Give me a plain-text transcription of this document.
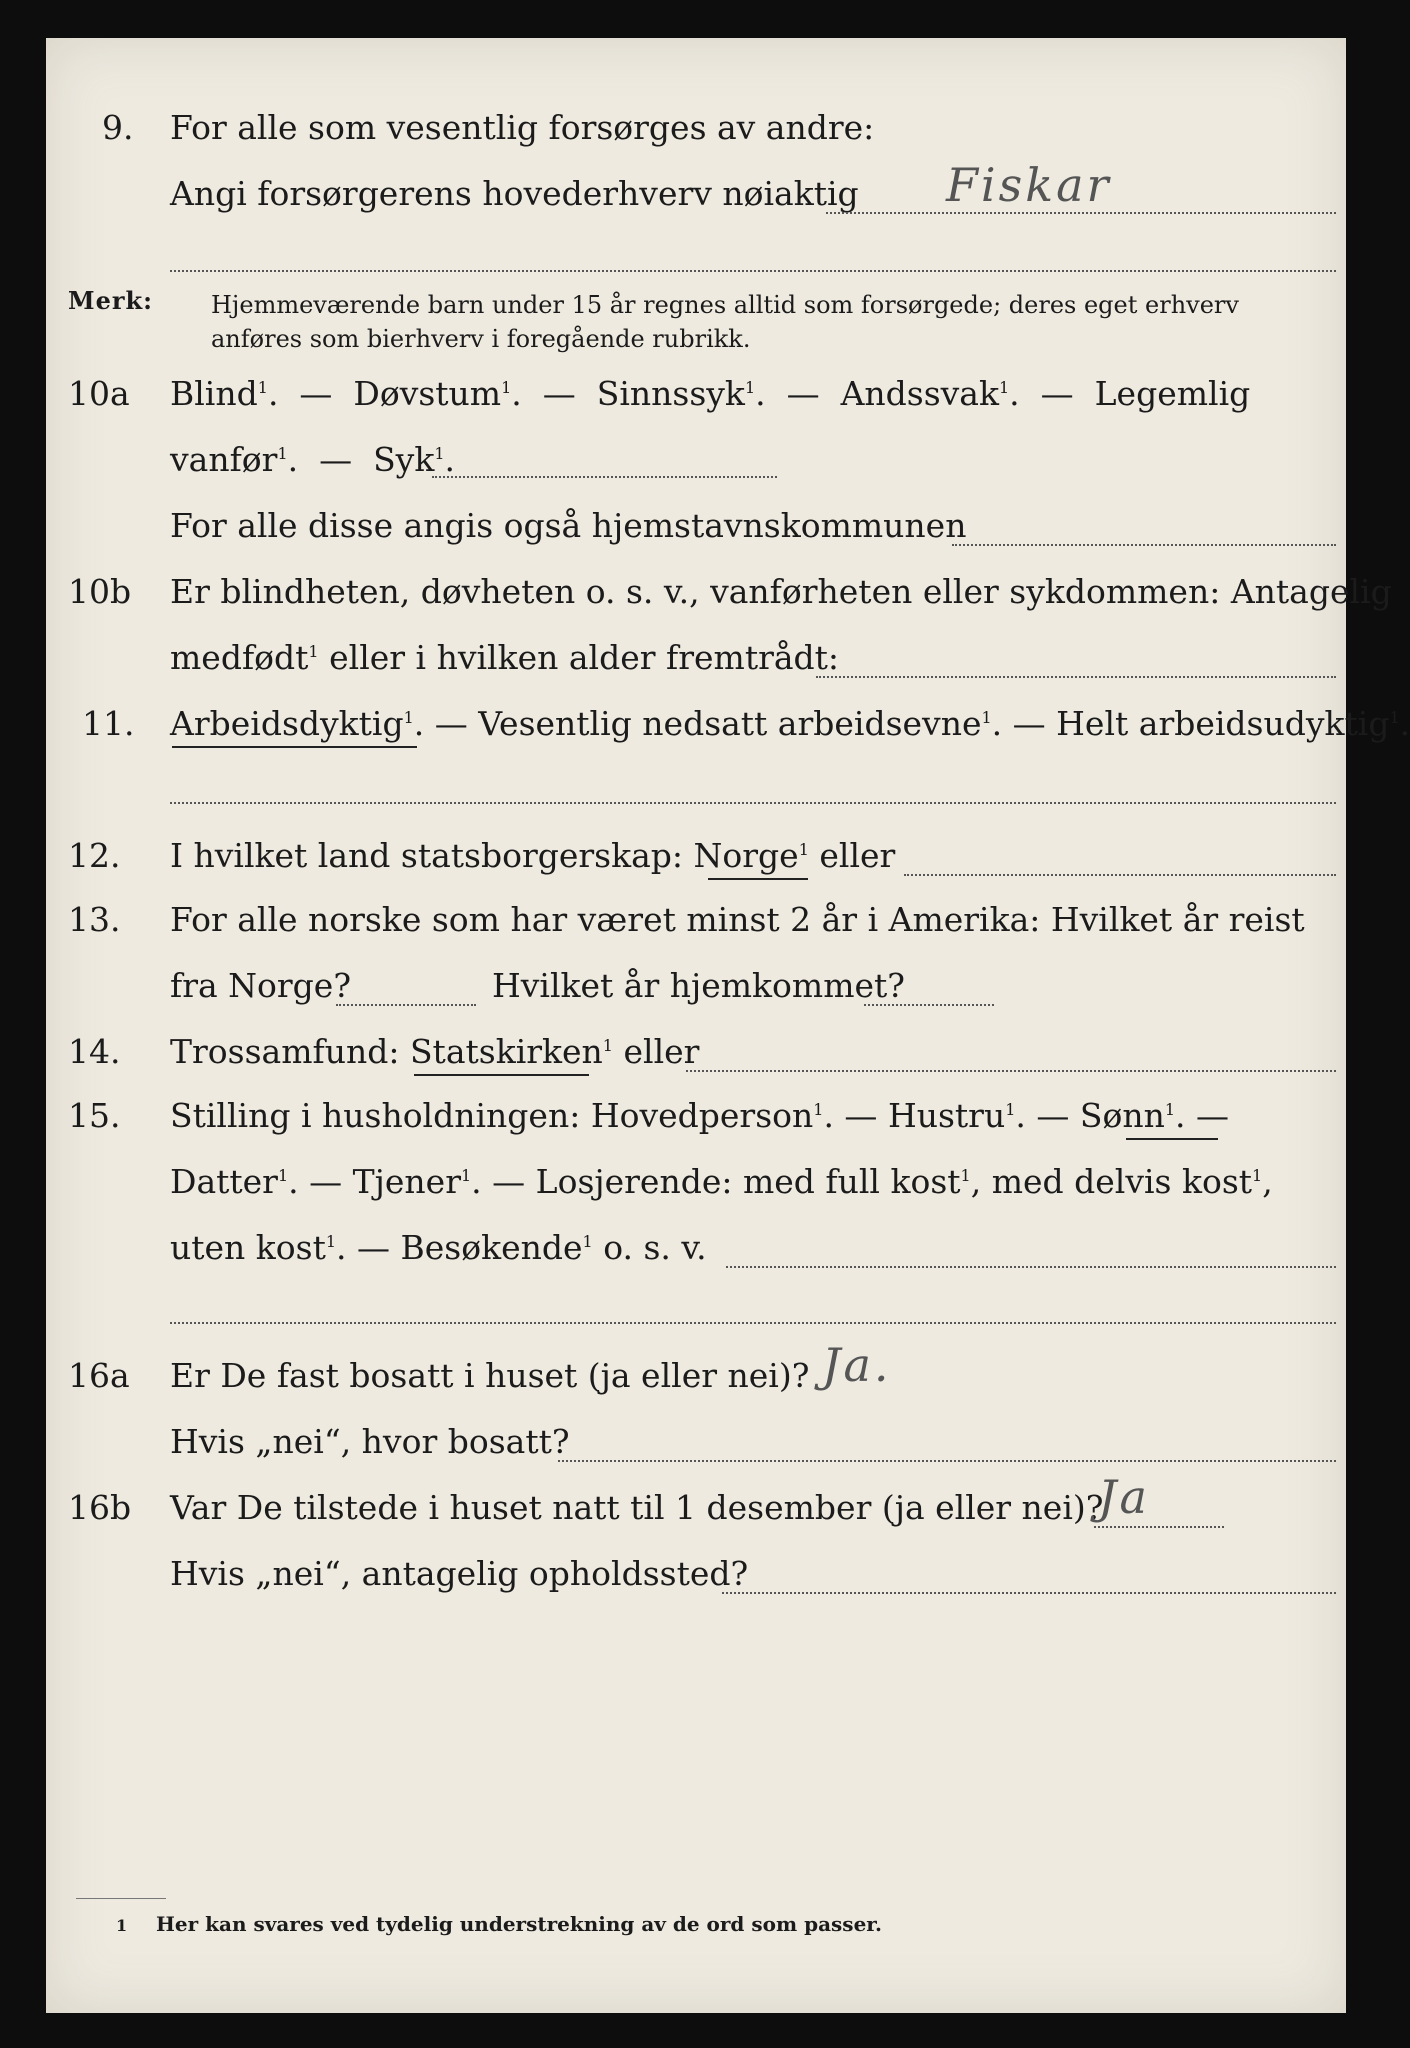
9. For alle som vesentlig forsørges av andre:
Angi forsørgerens hovederhverv nøiaktig Fiskar
Merk: Hjemmeværende barn under 15 år regnes alltid som forsørgede; deres eget erhverv
anføres som bierhverv i foregående rubrikk.
10a Blind$^1$.  —  Døvstum$^1$.  —  Sinnssyk$^1$.  —  Andssvak$^1$.  —  Legemlig
vanfør$^1$.  —  Syk$^1$.
For alle disse angis også hjemstavnskommunen
10b Er blindheten, døvheten o. s. v., vanførheten eller sykdommen: Antagelig
medfødt$^1$ eller i hvilken alder fremtrådt:
11. Arbeidsdyktig$^1$. — Vesentlig nedsatt arbeidsevne$^1$. — Helt arbeidsudyktig$^1$.
12. I hvilket land statsborgerskap: Norge$^1$ eller
13. For alle norske som har været minst 2 år i Amerika: Hvilket år reist
fra Norge?	Hvilket år hjemkommet?
14. Trossamfund: Statskirken$^1$ eller
15. Stilling i husholdningen: Hovedperson$^1$. — Hustru$^1$. — Sønn$^1$. —
Datter$^1$. — Tjener$^1$. — Losjerende: med full kost$^1$, med delvis kost$^1$,
uten kost$^1$. — Besøkende$^1$ o. s. v.
16a Er De fast bosatt i huset (ja eller nei)? Ja.
Hvis „nei“, hvor bosatt?
16b Var De tilstede i huset natt til 1 desember (ja eller nei)?
Ja
Hvis „nei“, antagelig opholdssted?
1 Her kan svares ved tydelig understrekning av de ord som passer.
